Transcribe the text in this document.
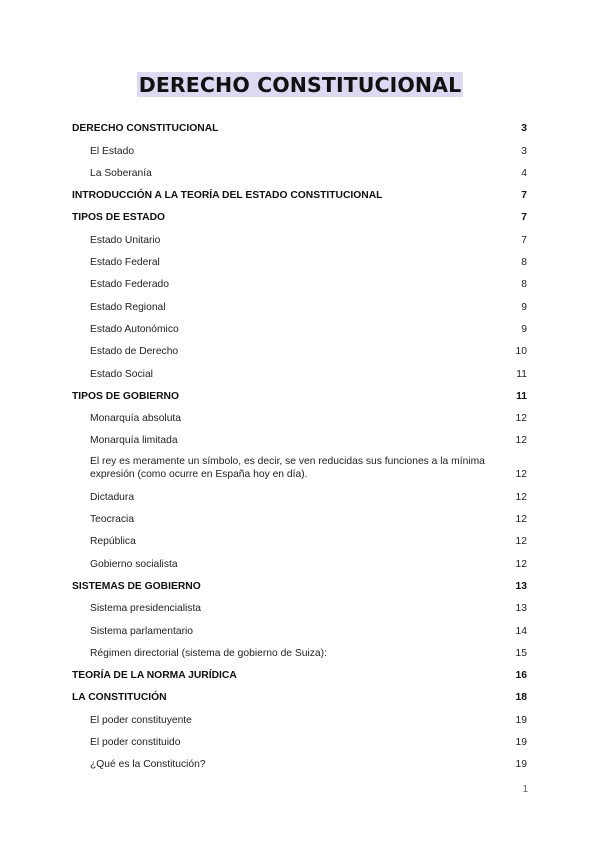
DERECHO CONSTITUCIONAL
DERECHO CONSTITUCIONAL	3
El Estado	3
La Soberanía	4
INTRODUCCIÓN A LA TEORÍA DEL ESTADO CONSTITUCIONAL	7
TIPOS DE ESTADO	7
Estado Unitario	7
Estado Federal	8
Estado Federado	8
Estado Regional	9
Estado Autonómico	9
Estado de Derecho	10
Estado Social	11
TIPOS DE GOBIERNO	11
Monarquía absoluta	12
Monarquía limitada	12
El rey es meramente un símbolo, es decir, se ven reducidas sus funciones a la mínima expresión (como ocurre en España hoy en día).	12
Dictadura	12
Teocracia	12
República	12
Gobierno socialista	12
SISTEMAS DE GOBIERNO	13
Sistema presidencialista	13
Sistema parlamentario	14
Régimen directorial (sistema de gobierno de Suiza):	15
TEORÍA DE LA NORMA JURÍDICA	16
LA CONSTITUCIÓN	18
El poder constituyente	19
El poder constituido	19
¿Qué es la Constitución?	19
1
